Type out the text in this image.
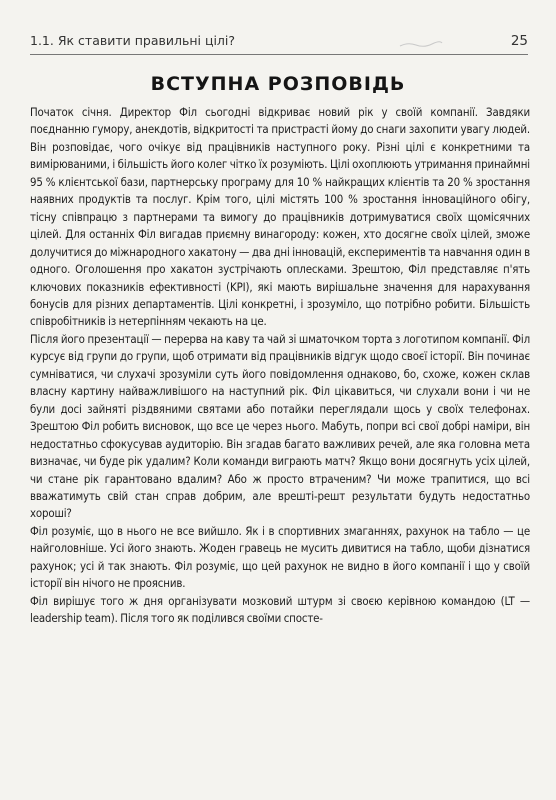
1.1. Як ставити правильні цілі?	25
ВСТУПНА РОЗПОВІДЬ

Початок січня. Директор Філ сьогодні відкриває новий рік у своїй компанії. Завдяки поєднанню гумору, анекдотів, відкритості та пристрасті йому до снаги захопити увагу людей. Він розповідає, чого очікує від працівників наступного року. Різні цілі є конкретними та вимірюваними, і більшість його колег чітко їх розуміють. Цілі охоплюють утримання принаймні 95 % клієнтської бази, партнерську програму для 10 % найкращих клієнтів та 20 % зростання наявних продуктів та послуг. Крім того, цілі містять 100 % зростання інноваційного обігу, тісну співпрацю з партнерами та вимогу до працівників дотримуватися своїх щомісячних цілей. Для останніх Філ вигадав приємну винагороду: кожен, хто досягне своїх цілей, зможе долучитися до міжнародного хакатону — два дні інновацій, експериментів та навчання один в одного. Оголошення про хакатон зустрічають оплесками. Зрештою, Філ представляє п'ять ключових показників ефективності (KPI), які мають вирішальне значення для нарахування бонусів для різних департаментів. Цілі конкретні, і зрозуміло, що потрібно робити. Більшість співробітників із нетерпінням чекають на це.

Після його презентації — перерва на каву та чай зі шматочком торта з логотипом компанії. Філ курсує від групи до групи, щоб отримати від працівників відгук щодо своєї історії. Він починає сумніватися, чи слухачі зрозуміли суть його повідомлення однаково, бо, схоже, кожен склав власну картину найважливішого на наступний рік. Філ цікавиться, чи слухали вони і чи не були досі зайняті різдвяними святами або потайки переглядали щось у своїх телефонах. Зрештою Філ робить висновок, що все це через нього. Мабуть, попри всі свої добрі наміри, він недостатньо сфокусував аудиторію. Він згадав багато важливих речей, але яка головна мета визначає, чи буде рік удалим? Коли команди виграють матч? Якщо вони досягнуть усіх цілей, чи стане рік гарантовано вдалим? Або ж просто втраченим? Чи може трапитися, що всі вважатимуть свій стан справ добрим, але врешті-решт результати будуть недостатньо хороші?

Філ розуміє, що в нього не все вийшло. Як і в спортивних змаганнях, рахунок на табло — це найголовніше. Усі його знають. Жоден гравець не мусить дивитися на табло, щоби дізнатися рахунок; усі й так знають. Філ розуміє, що цей рахунок не видно в його компанії і що у своїй історії він нічого не прояснив.

Філ вирішує того ж дня організувати мозковий штурм зі своєю керівною командою (LT — leadership team). Після того як поділився своїми спосте-
